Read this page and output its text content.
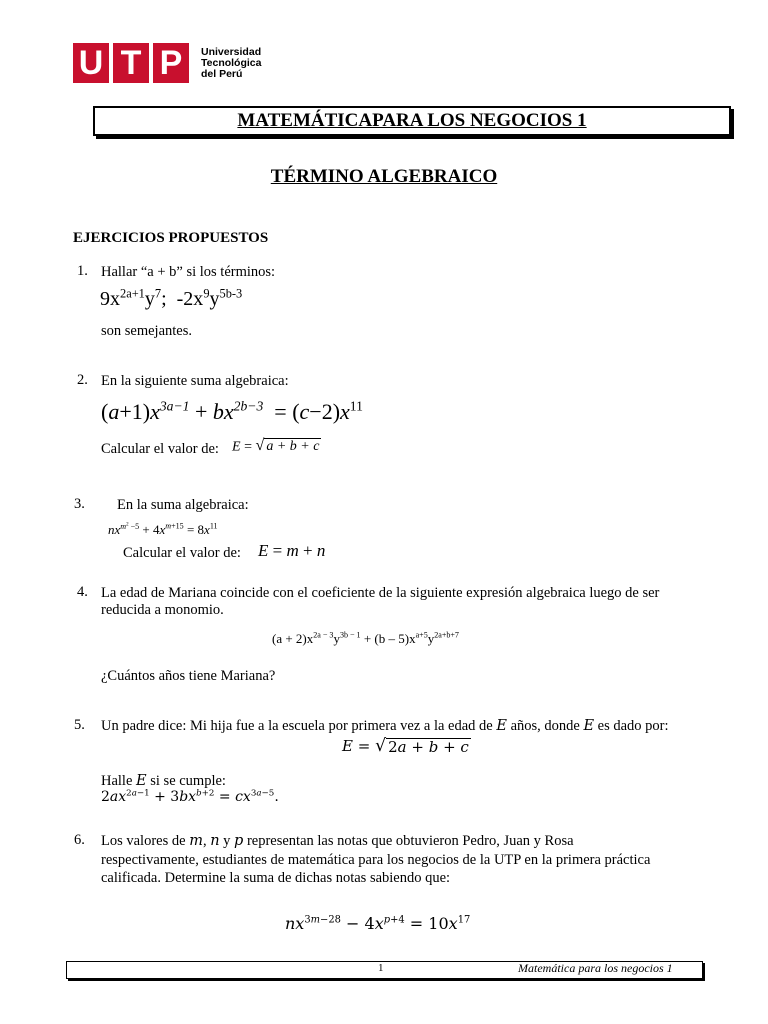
U T P	Universidad
Tecnológica
del Perú
MATEMÁTICAPARA LOS NEGOCIOS 1
TÉRMINO ALGEBRAICO
EJERCICIOS PROPUESTOS
1. Hallar “a + b” si los términos:
$9x^{2a+1}y^7$;  $-2x^9y^{5b-3}$
son semejantes.
2. En la siguiente suma algebraica:
$(a+1)x^{3a-1} + bx^{2b-3} = (c-2)x^{11}$
Calcular el valor de: E = √ a + b + c
3. En la suma algebraica:
$nx^{m^2 -5} + 4x^{m+15} = 8x^{11}$
Calcular el valor de: E = m + n
4. La edad de Mariana coincide con el coeficiente de la siguiente expresión algebraica luego de ser
reducida a monomio.
$(a + 2)x^{2a - 3}y^{3b - 1} + (b - 5)x^{a+5}y^{2a+b+7}$
¿Cuántos años tiene Mariana?
5. Un padre dice: Mi hija fue a la escuela por primera vez a la edad de E años, donde E es dado por:
E = √ 2a + b + c
Halle E si se cumple:
$2ax^{2a-1} + 3bx^{b+2} = cx^{3a-5}$.
6. Los valores de m, n y p representan las notas que obtuvieron Pedro, Juan y Rosa
respectivamente, estudiantes de matemática para los negocios de la UTP en la primera práctica
calificada. Determine la suma de dichas notas sabiendo que:
$nx^{3m-28} - 4x^{p+4} = 10x^{17}$
1	Matemática para los negocios 1
